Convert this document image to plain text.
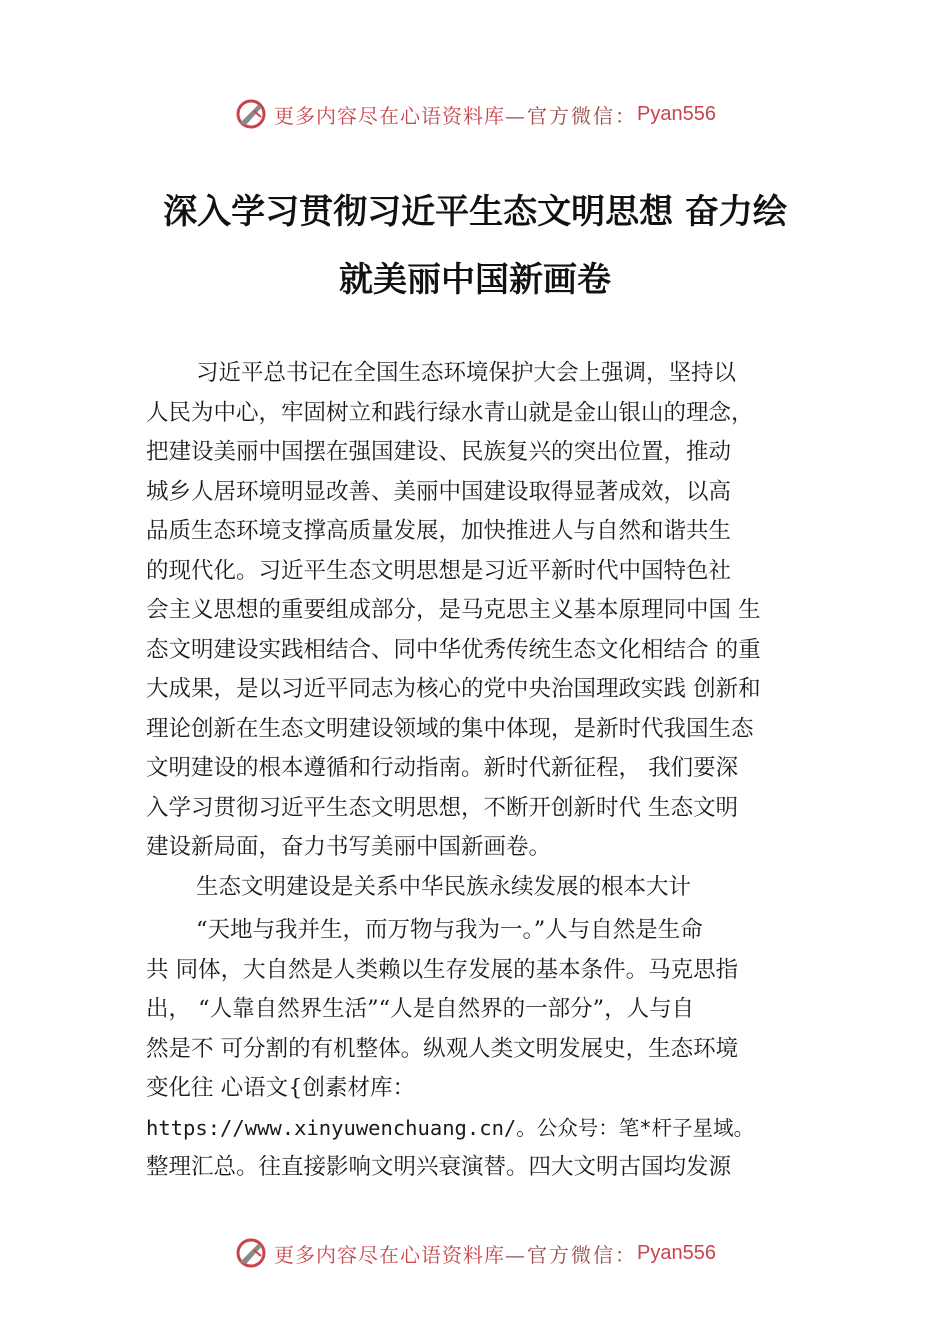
更多内容尽在心语资料库 —官方微信： Pyan556
深入学习贯彻习近平生态文明思想 奋力绘
就美丽中国新画卷
习近平总书记在全国生态环境保护大会上强调，坚持以
人民为中心，牢固树立和践行绿水青山就是金山银山的理念，
把建设美丽中国摆在强国建设、民族复兴的突出位置，推动
城乡人居环境明显改善、美丽中国建设取得显著成效，以高
品质生态环境支撑高质量发展，加快推进人与自然和谐共生
的现代化。习近平生态文明思想是习近平新时代中国特色社
会主义思想的重要组成部分，是马克思主义基本原理同中国 生
态文明建设实践相结合、同中华优秀传统生态文化相结合 的重
大成果，是以习近平同志为核心的党中央治国理政实践 创新和
理论创新在生态文明建设领域的集中体现，是新时代我国生态
文明建设的根本遵循和行动指南。新时代新征程， 我们要深
入学习贯彻习近平生态文明思想，不断开创新时代 生态文明
建设新局面，奋力书写美丽中国新画卷。
生态文明建设是关系中华民族永续发展的根本大计
“天地与我并生，而万物与我为一。”人与自然是生命
共 同体，大自然是人类赖以生存发展的基本条件。马克思指
出， “人靠自然界生活”“人是自然界的一部分”，人与自
然是不 可分割的有机整体。纵观人类文明发展史，生态环境
变化往 心语文{创素材库：
https://www.xinyuwenchuang.cn/。公众号：笔*杆子星域。
整理汇总。往直接影响文明兴衰演替。四大文明古国均发源
更多内容尽在心语资料库 —官方微信： Pyan556
